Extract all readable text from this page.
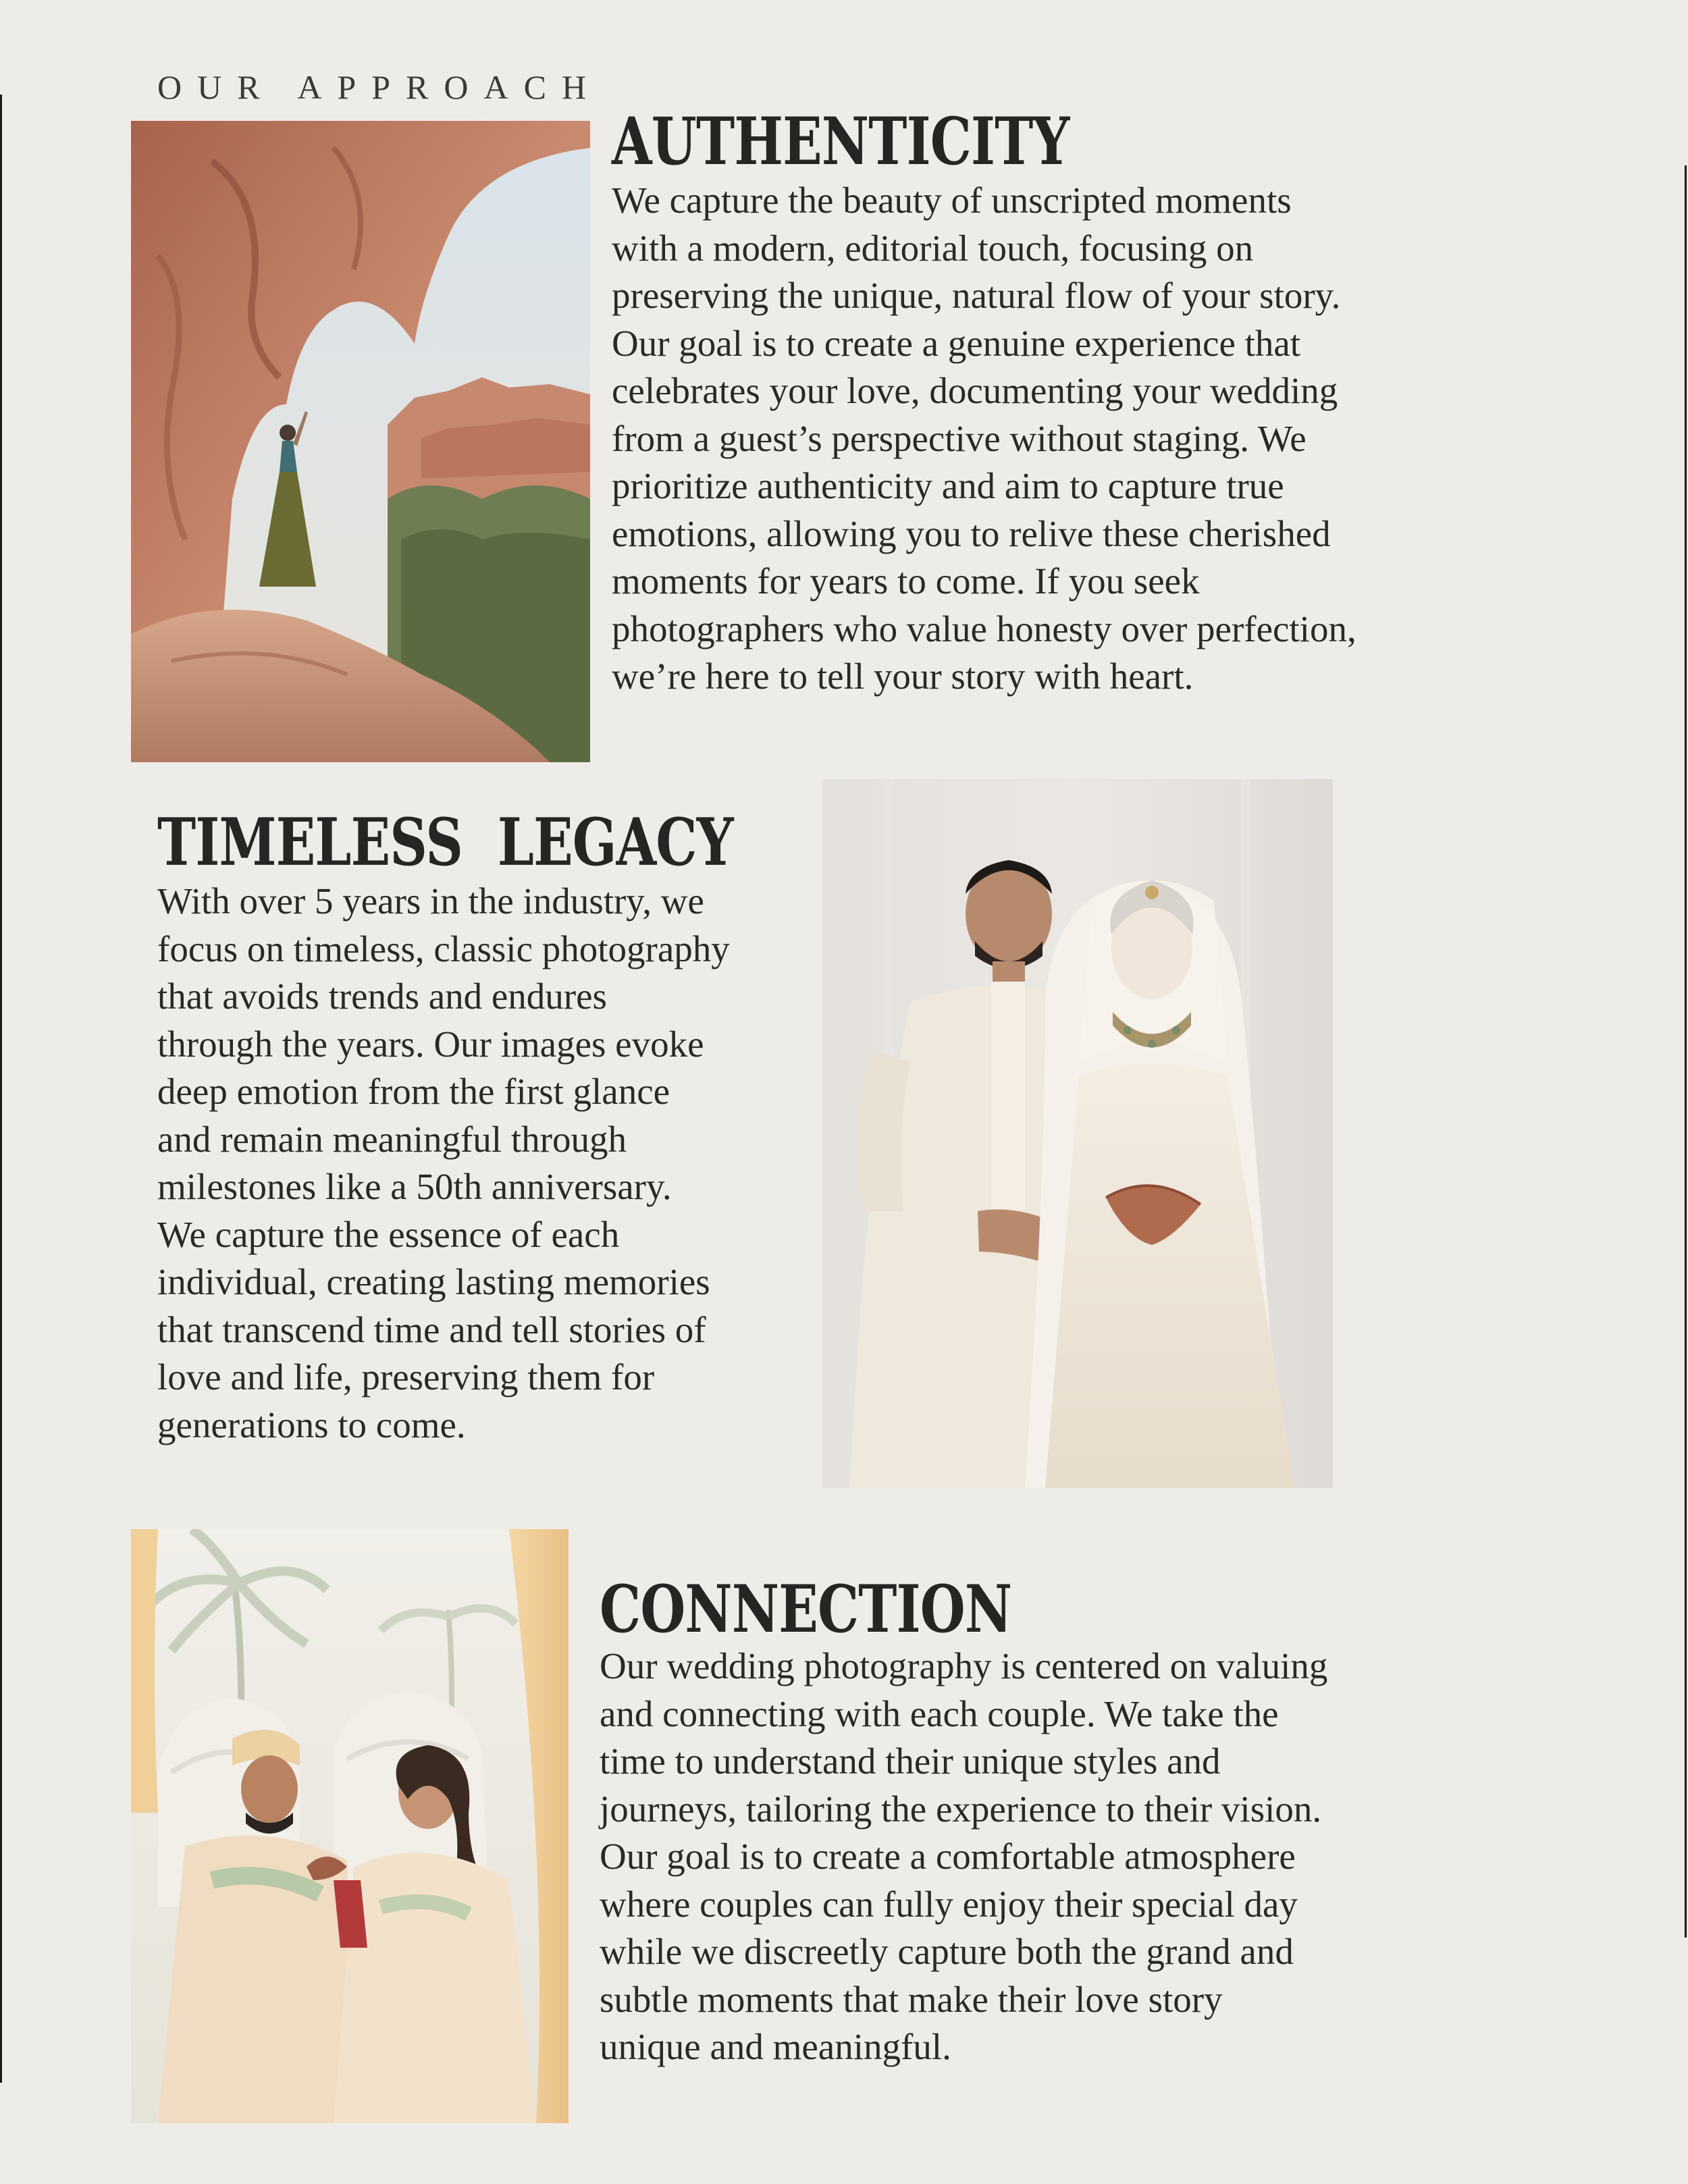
OUR APPROACH
AUTHENTICITY
We capture the beauty of unscripted moments
with a modern, editorial touch, focusing on
preserving the unique, natural flow of your story.
Our goal is to create a genuine experience that
celebrates your love, documenting your wedding
from a guest’s perspective without staging. We
prioritize authenticity and aim to capture true
emotions, allowing you to relive these cherished
moments for years to come. If you seek
photographers who value honesty over perfection,
we’re here to tell your story with heart.
TIMELESS  LEGACY
With over 5 years in the industry, we
focus on timeless, classic photography
that avoids trends and endures
through the years. Our images evoke
deep emotion from the first glance
and remain meaningful through
milestones like a 50th anniversary.
We capture the essence of each
individual, creating lasting memories
that transcend time and tell stories of
love and life, preserving them for
generations to come.
CONNECTION
Our wedding photography is centered on valuing
and connecting with each couple. We take the
time to understand their unique styles and
journeys, tailoring the experience to their vision.
Our goal is to create a comfortable atmosphere
where couples can fully enjoy their special day
while we discreetly capture both the grand and
subtle moments that make their love story
unique and meaningful.
